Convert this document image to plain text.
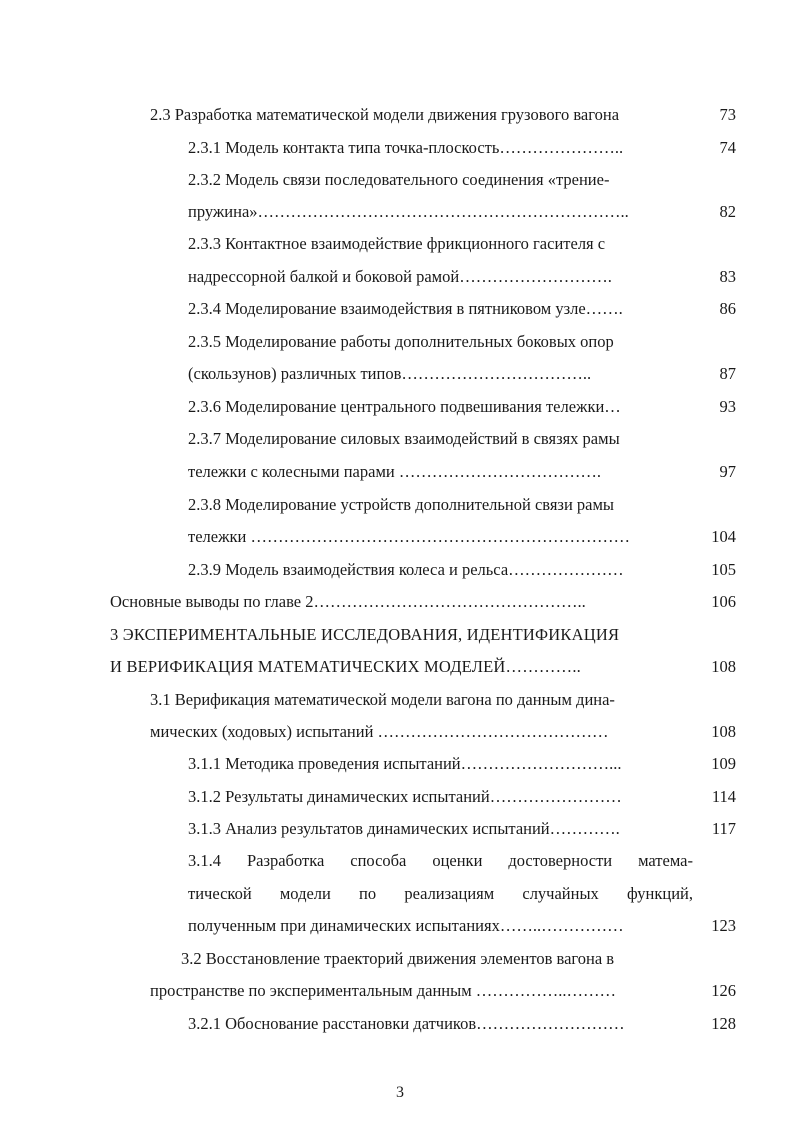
2.3 Разработка математической модели движения грузового вагона	73
2.3.1 Модель контакта типа точка-плоскость…………………..	74
2.3.2 Модель связи последовательного соединения «трение-
пружина»…………………………………………………………..	82
2.3.3 Контактное взаимодействие фрикционного гасителя с
надрессорной балкой и боковой рамой……………………….	83
2.3.4 Моделирование взаимодействия в пятниковом узле…….	86
2.3.5 Моделирование работы дополнительных боковых опор
(скользунов) различных типов……………………………..	87
2.3.6 Моделирование центрального подвешивания тележки…	93
2.3.7 Моделирование силовых взаимодействий в связях рамы
тележки с колесными парами ……………………………….	97
2.3.8 Моделирование устройств дополнительной связи рамы
тележки ……………………………………………………………	104
2.3.9 Модель взаимодействия колеса и рельса…………………	105
Основные выводы по главе 2…………………………………………..	106
3 ЭКСПЕРИМЕНТАЛЬНЫЕ ИССЛЕДОВАНИЯ, ИДЕНТИФИКАЦИЯ
И ВЕРИФИКАЦИЯ МАТЕМАТИЧЕСКИХ МОДЕЛЕЙ…………..	108
3.1 Верификация математической модели вагона по данным дина-
мических (ходовых) испытаний ……………………………………	108
3.1.1 Методика проведения испытаний………………………...	109
3.1.2 Результаты динамических испытаний……………………	114
3.1.3 Анализ результатов динамических испытаний………….	117
3.1.4 Разработка способа оценки достоверности матема-
тической модели по реализациям случайных функций,
полученным при динамических испытаниях……..……………	123
3.2 Восстановление траекторий движения элементов вагона в
пространстве по экспериментальным данным ……………..………	126
3.2.1 Обоснование расстановки датчиков………………………	128
3
